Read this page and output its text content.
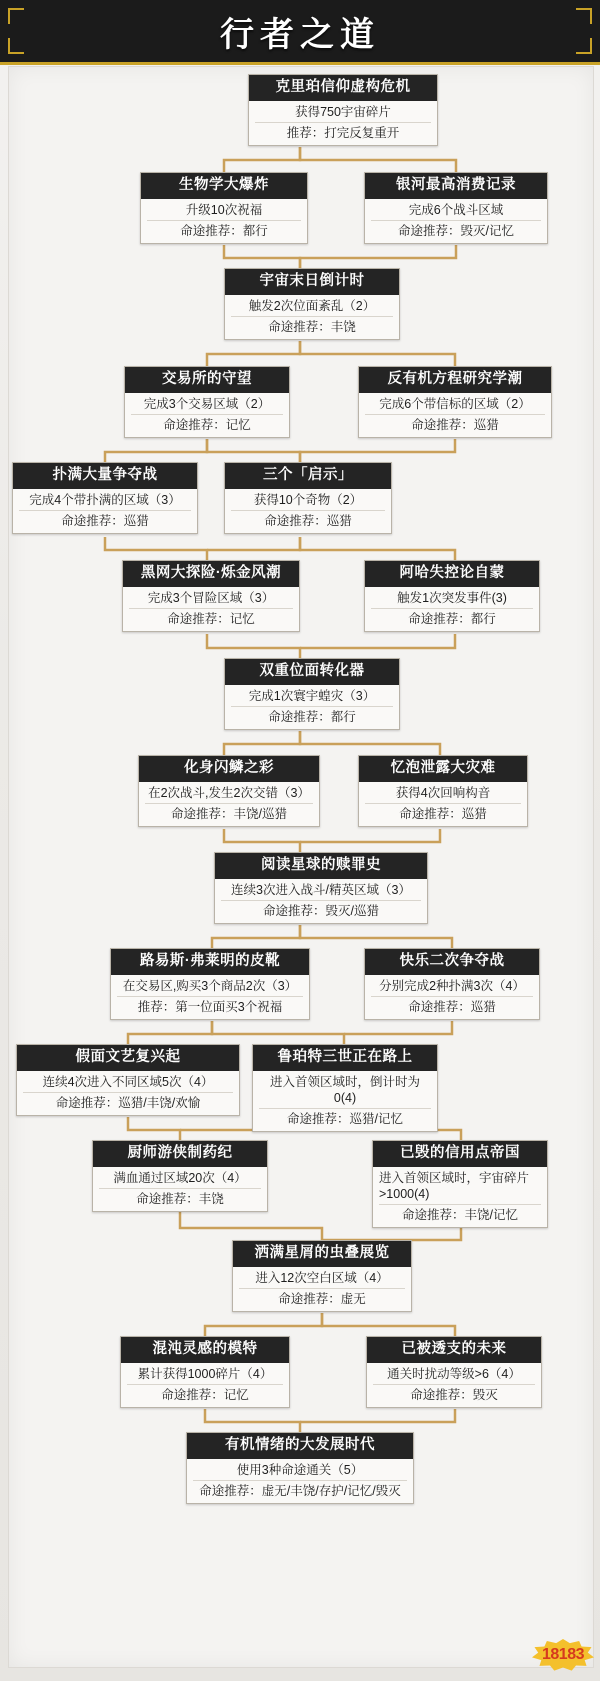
行者之道
克里珀信仰虚构危机
获得750宇宙碎片
推荐：打完反复重开
生物学大爆炸
升级10次祝福
命途推荐：都行
银河最高消费记录
完成6个战斗区域
命途推荐：毁灭/记忆
宇宙末日倒计时
触发2次位面紊乱（2）
命途推荐：丰饶
交易所的守望
完成3个交易区域（2）
命途推荐：记忆
反有机方程研究学潮
完成6个带信标的区域（2）
命途推荐：巡猎
扑满大量争夺战
完成4个带扑满的区域（3）
命途推荐：巡猎
三个「启示」
获得10个奇物（2）
命途推荐：巡猎
黑网大探险·烁金风潮
完成3个冒险区域（3）
命途推荐：记忆
阿哈失控论自蒙
触发1次突发事件(3)
命途推荐：都行
双重位面转化器
完成1次寰宇蝗灾（3）
命途推荐：都行
化身闪鳞之彩
在2次战斗,发生2次交错（3）
命途推荐：丰饶/巡猎
忆泡泄露大灾难
获得4次回响构音
命途推荐：巡猎
阅读星球的赎罪史
连续3次进入战斗/精英区域（3）
命途推荐：毁灭/巡猎
路易斯·弗莱明的皮靴
在交易区,购买3个商品2次（3）
推荐：第一位面买3个祝福
快乐二次争夺战
分别完成2种扑满3次（4）
命途推荐：巡猎
假面文艺复兴起
连续4次进入不同区域5次（4）
命途推荐：巡猎/丰饶/欢愉
鲁珀特三世正在路上
进入首领区域时，倒计时为0(4)
命途推荐：巡猎/记忆
厨师游侠制药纪
满血通过区域20次（4）
命途推荐：丰饶
已毁的信用点帝国
进入首领区域时，宇宙碎片>1000(4)
命途推荐：丰饶/记忆
洒满星屑的虫叠展览
进入12次空白区域（4）
命途推荐：虚无
混沌灵感的模特
累计获得1000碎片（4）
命途推荐：记忆
已被透支的未来
通关时扰动等级>6（4）
命途推荐：毁灭
有机情绪的大发展时代
使用3种命途通关（5）
命途推荐：虚无/丰饶/存护/记忆/毁灭
18183
